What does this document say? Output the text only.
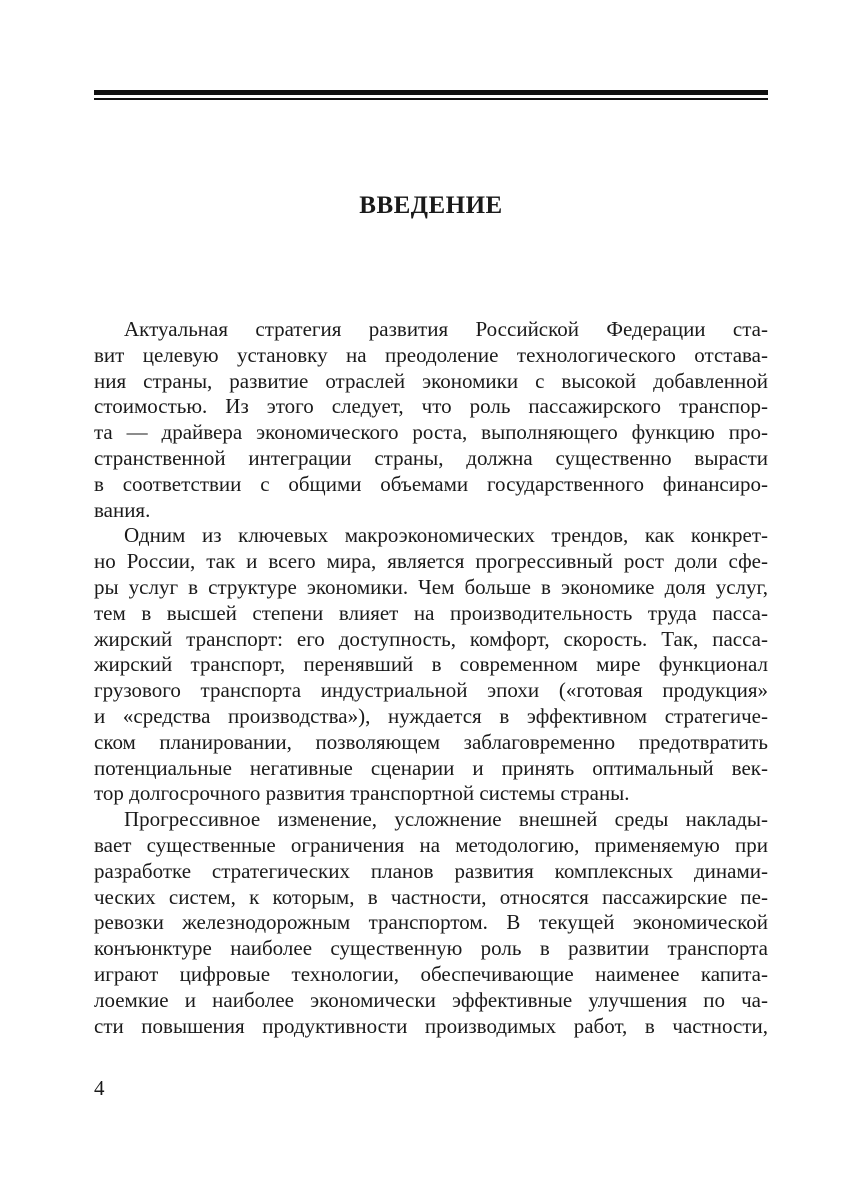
ВВЕДЕНИЕ
Актуальная стратегия развития Российской Федерации ста-
вит целевую установку на преодоление технологического отстава-
ния страны, развитие отраслей экономики с высокой добавленной
стоимостью. Из этого следует, что роль пассажирского транспор-
та — драйвера экономического роста, выполняющего функцию про-
странственной интеграции страны, должна существенно вырасти
в соответствии с общими объемами государственного финансиро-
вания.
Одним из ключевых макроэкономических трендов, как конкрет-
но России, так и всего мира, является прогрессивный рост доли сфе-
ры услуг в структуре экономики. Чем больше в экономике доля услуг,
тем в высшей степени влияет на производительность труда пасса-
жирский транспорт: его доступность, комфорт, скорость. Так, пасса-
жирский транспорт, перенявший в современном мире функционал
грузового транспорта индустриальной эпохи («готовая продукция»
и «средства производства»), нуждается в эффективном стратегиче-
ском планировании, позволяющем заблаговременно предотвратить
потенциальные негативные сценарии и принять оптимальный век-
тор долгосрочного развития транспортной системы страны.
Прогрессивное изменение, усложнение внешней среды наклады-
вает существенные ограничения на методологию, применяемую при
разработке стратегических планов развития комплексных динами-
ческих систем, к которым, в частности, относятся пассажирские пе-
ревозки железнодорожным транспортом. В текущей экономической
конъюнктуре наиболее существенную роль в развитии транспорта
играют цифровые технологии, обеспечивающие наименее капита-
лоемкие и наиболее экономически эффективные улучшения по ча-
сти повышения продуктивности производимых работ, в частности,
4
